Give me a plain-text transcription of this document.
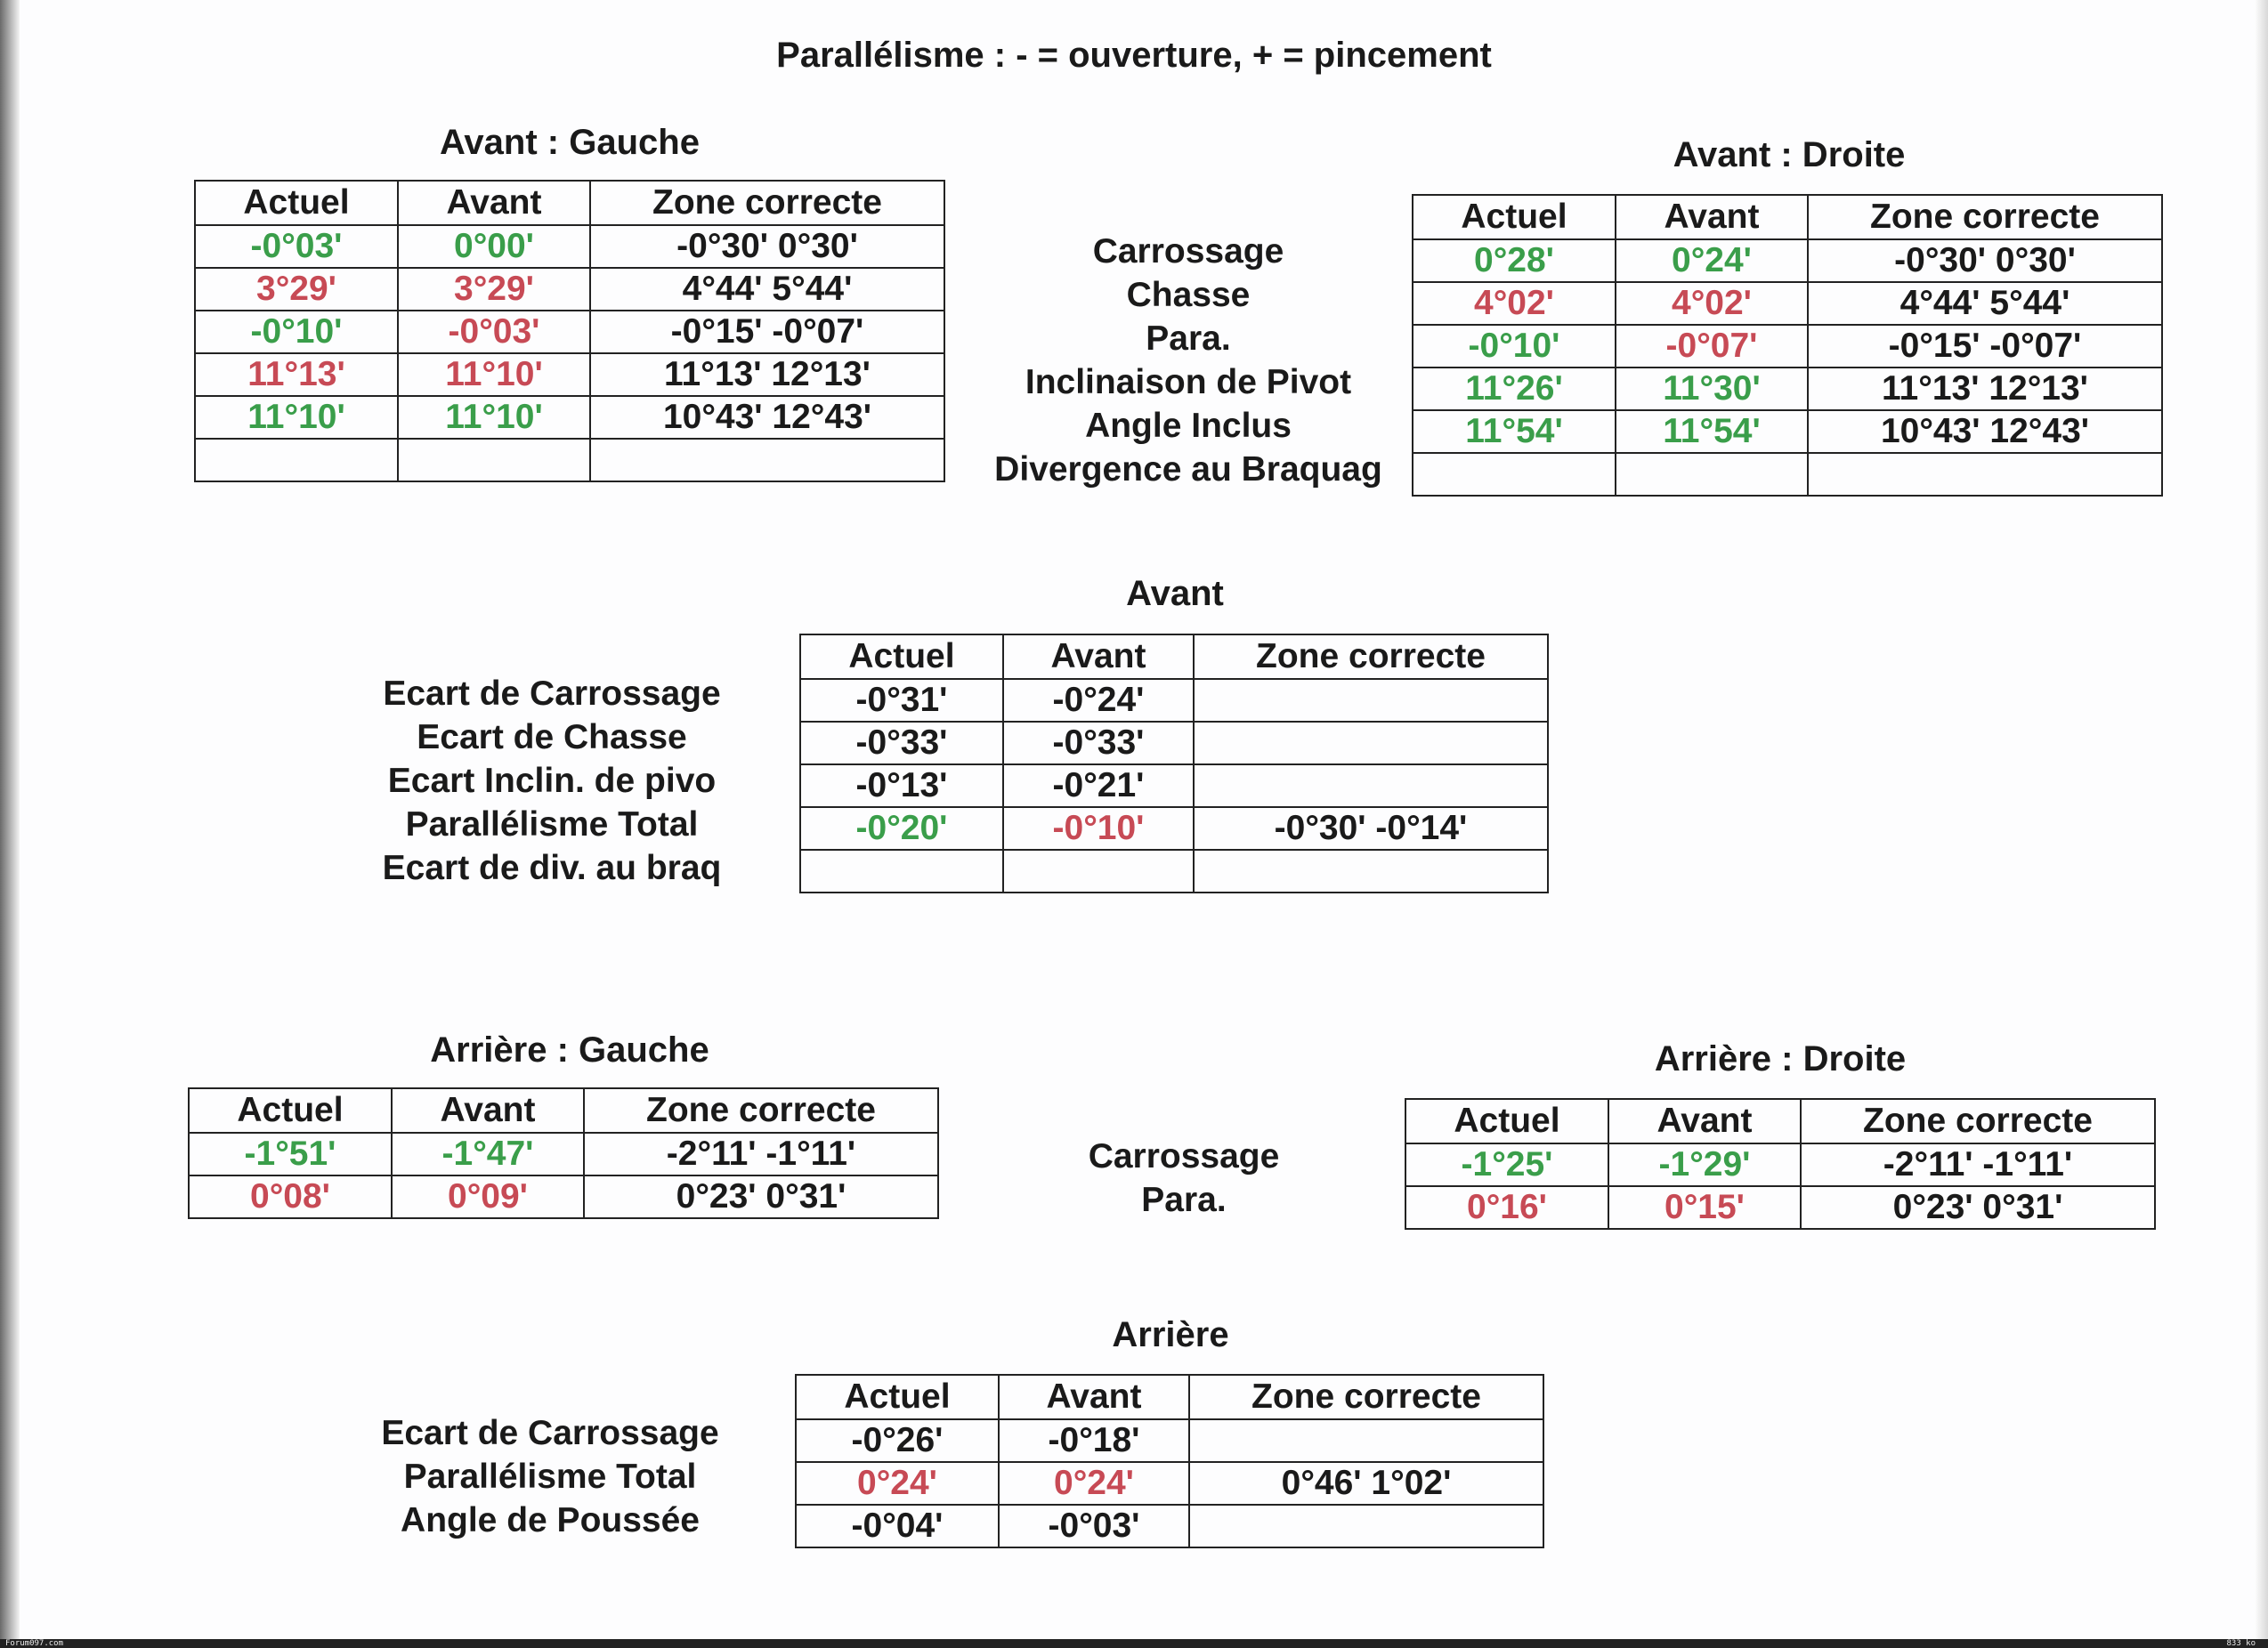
Parallélisme : - = ouverture, + = pincement
Avant : Gauche
Actuel	Avant	Zone correcte
-0°03'	0°00'	-0°30' 0°30'
3°29'	3°29'	4°44' 5°44'
-0°10'	-0°03'	-0°15' -0°07'
11°13'	11°10'	11°13' 12°13'
11°10'	11°10'	10°43' 12°43'

Carrossage
Chasse
Para.
Inclinaison de Pivot
Angle Inclus
Divergence au Braquag
Avant : Droite
Actuel	Avant	Zone correcte
0°28'	0°24'	-0°30' 0°30'
4°02'	4°02'	4°44' 5°44'
-0°10'	-0°07'	-0°15' -0°07'
11°26'	11°30'	11°13' 12°13'
11°54'	11°54'	10°43' 12°43'

Avant
Ecart de Carrossage
Ecart de Chasse
Ecart Inclin. de pivo
Parallélisme Total
Ecart de div. au braq
Actuel	Avant	Zone correcte
-0°31'	-0°24'	
-0°33'	-0°33'	
-0°13'	-0°21'	
-0°20'	-0°10'	-0°30' -0°14'

Arrière : Gauche
Actuel	Avant	Zone correcte
-1°51'	-1°47'	-2°11' -1°11'
0°08'	0°09'	0°23' 0°31'
Carrossage
Para.
Arrière : Droite
Actuel	Avant	Zone correcte
-1°25'	-1°29'	-2°11' -1°11'
0°16'	0°15'	0°23' 0°31'
Arrière
Ecart de Carrossage
Parallélisme Total
Angle de Poussée
Actuel	Avant	Zone correcte
-0°26'	-0°18'	
0°24'	0°24'	0°46' 1°02'
-0°04'	-0°03'	
Forum097.com	833 ko
